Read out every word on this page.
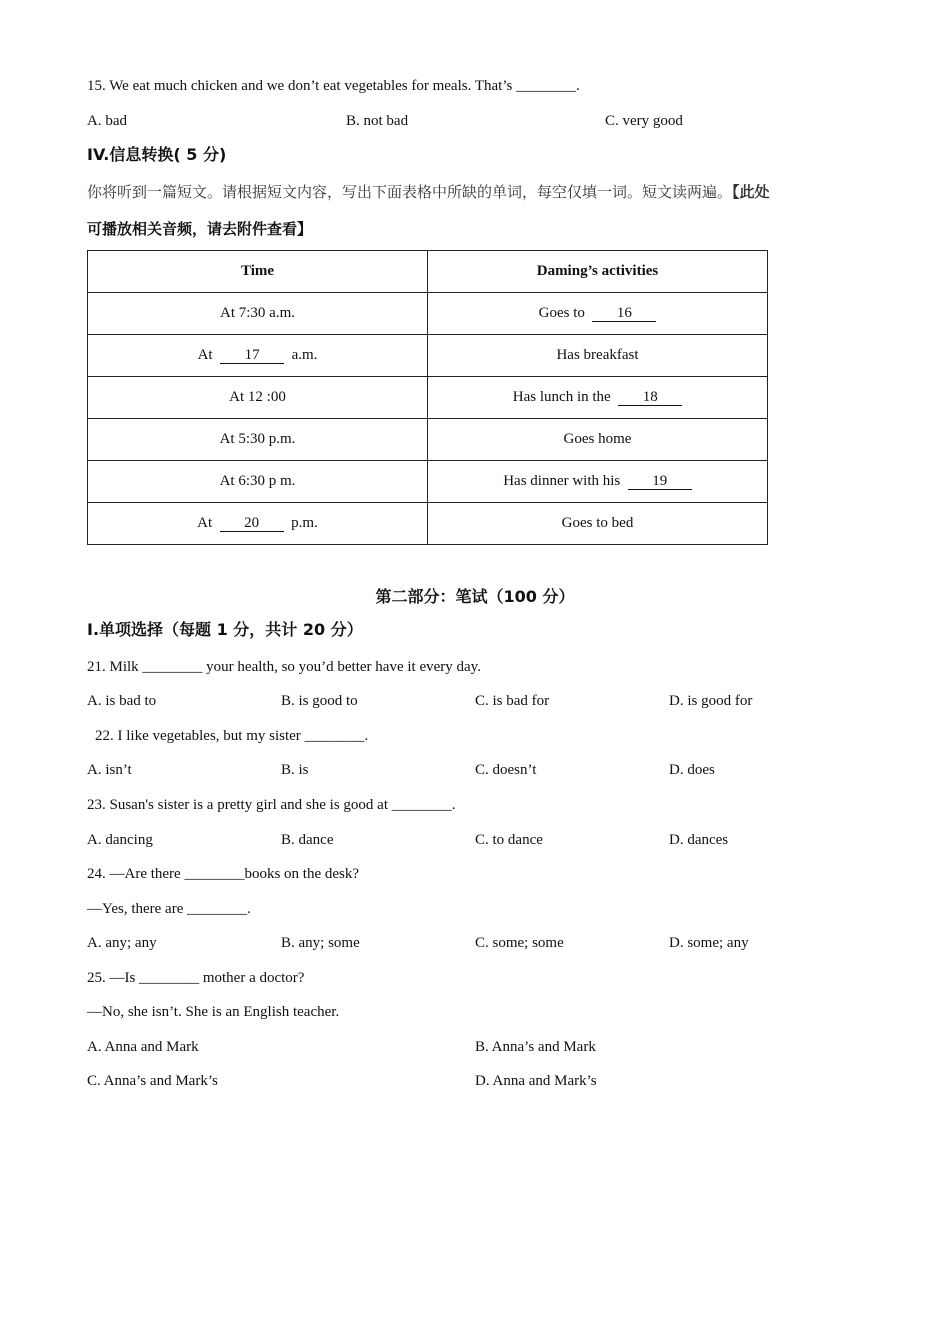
15. We eat much chicken and we don’t eat vegetables for meals. That’s ________.
A. bad	B. not bad	C. very good
IV.信息转换( 5 分)
你将听到一篇短文。请根据短文内容，写出下面表格中所缺的单词，每空仅填一词。短文读两遍。【此处
可播放相关音频，请去附件查看】
Time	Daming’s activities
At 7:30 a.m.	Goes to 16
At 17 a.m.	Has breakfast
At 12 :00	Has lunch in the 18
At 5:30 p.m.	Goes home
At 6:30 p m.	Has dinner with his 19
At 20 p.m.	Goes to bed
第二部分：笔试（100 分）
I.单项选择（每题 1 分，共计 20 分）
21. Milk ________ your health, so you’d better have it every day.
A. is bad to	B. is good to	C. is bad for	D. is good for
22. I like vegetables, but my sister ________.
A. isn’t	B. is	C. doesn’t	D. does
23. Susan's sister is a pretty girl and she is good at ________.
A. dancing	B. dance	C. to dance	D. dances
24. —Are there ________books on the desk?
—Yes, there are ________.
A. any; any	B. any; some	C. some; some	D. some; any
25. —Is ________ mother a doctor?
—No, she isn’t. She is an English teacher.
A. Anna and Mark	B. Anna’s and Mark
C. Anna’s and Mark’s	D. Anna and Mark’s
